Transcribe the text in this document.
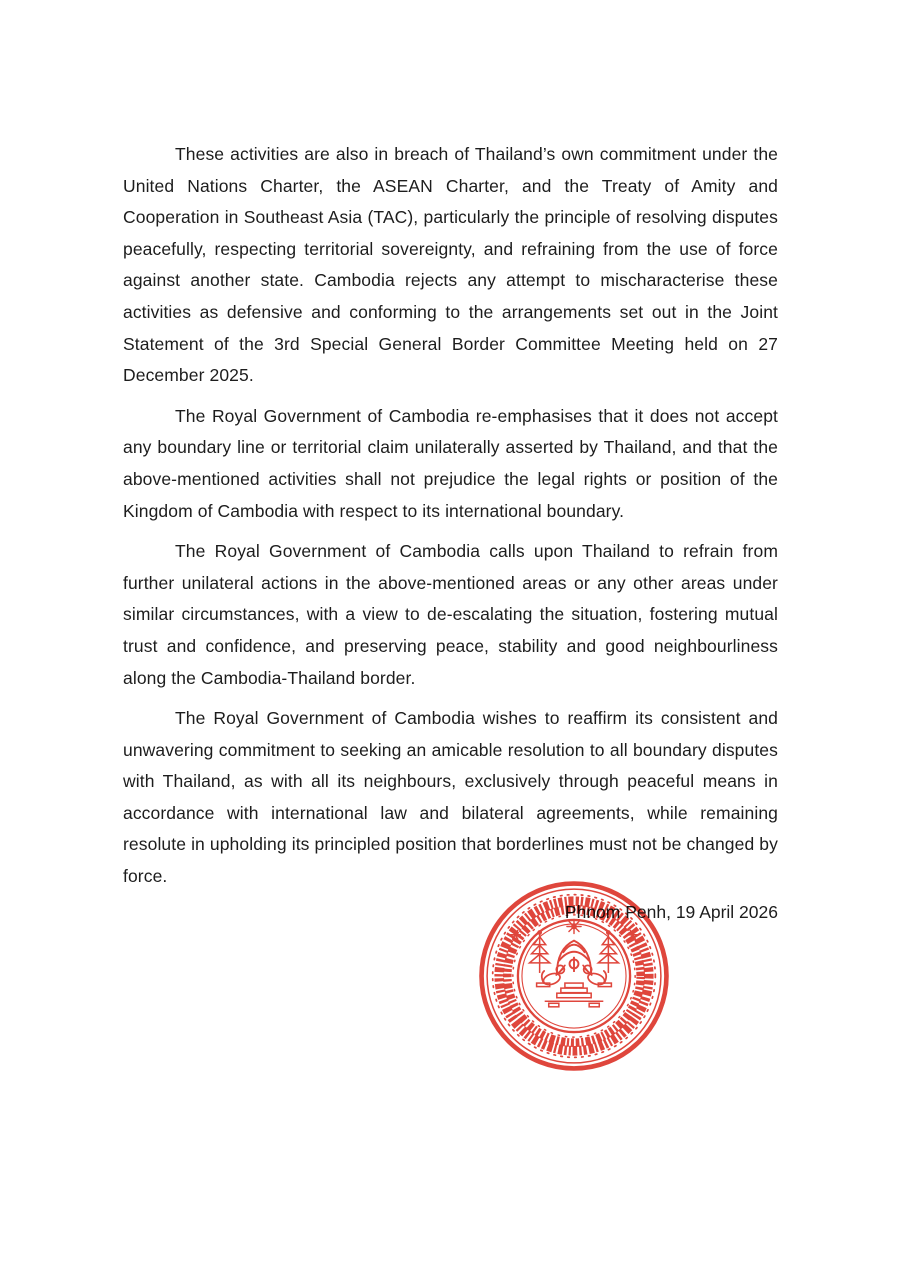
These activities are also in breach of Thailand’s own commitment under the United Nations Charter, the ASEAN Charter, and the Treaty of Amity and Cooperation in Southeast Asia (TAC), particularly the principle of resolving disputes peacefully, respecting territorial sovereignty, and refraining from the use of force against another state. Cambodia rejects any attempt to mischaracterise these activities as defensive and conforming to the arrangements set out in the Joint Statement of the 3rd Special General Border Committee Meeting held on 27 December 2025.

The Royal Government of Cambodia re-emphasises that it does not accept any boundary line or territorial claim unilaterally asserted by Thailand, and that the above-mentioned activities shall not prejudice the legal rights or position of the Kingdom of Cambodia with respect to its international boundary.

The Royal Government of Cambodia calls upon Thailand to refrain from further unilateral actions in the above-mentioned areas or any other areas under similar circumstances, with a view to de-escalating the situation, fostering mutual trust and confidence, and preserving peace, stability and good neighbourliness along the Cambodia-Thailand border.

The Royal Government of Cambodia wishes to reaffirm its consistent and unwavering commitment to seeking an amicable resolution to all boundary disputes with Thailand, as with all its neighbours, exclusively through peaceful means in accordance with international law and bilateral agreements, while remaining resolute in upholding its principled position that borderlines must not be changed by force.

Phnom Penh, 19 April 2026
